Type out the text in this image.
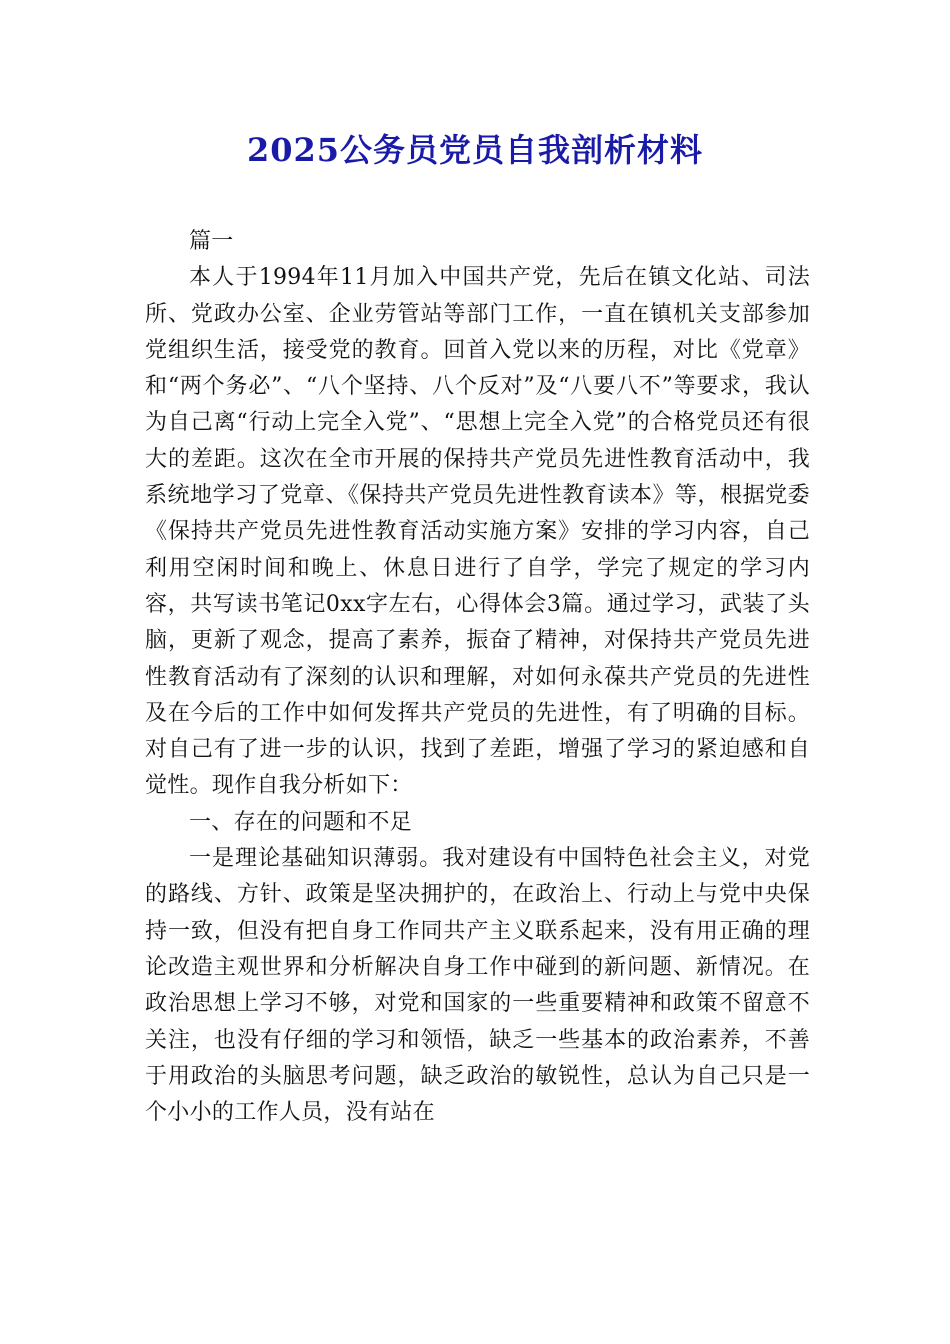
2025公务员党员自我剖析材料

篇一

本人于1994年11月加入中国共产党，先后在镇文化站、司法所、党政办公室、企业劳管站等部门工作，一直在镇机关支部参加党组织生活，接受党的教育。回首入党以来的历程，对比《党章》和“两个务必”、“八个坚持、八个反对”及“八要八不”等要求，我认为自己离“行动上完全入党”、“思想上完全入党”的合格党员还有很大的差距。这次在全市开展的保持共产党员先进性教育活动中，我系统地学习了党章、《保持共产党员先进性教育读本》等，根据党委《保持共产党员先进性教育活动实施方案》安排的学习内容，自己利用空闲时间和晚上、休息日进行了自学，学完了规定的学习内容，共写读书笔记0xx字左右，心得体会3篇。通过学习，武装了头脑，更新了观念，提高了素养，振奋了精神，对保持共产党员先进性教育活动有了深刻的认识和理解，对如何永葆共产党员的先进性及在今后的工作中如何发挥共产党员的先进性，有了明确的目标。对自己有了进一步的认识，找到了差距，增强了学习的紧迫感和自觉性。现作自我分析如下：

一、存在的问题和不足

一是理论基础知识薄弱。我对建设有中国特色社会主义，对党的路线、方针、政策是坚决拥护的，在政治上、行动上与党中央保持一致，但没有把自身工作同共产主义联系起来，没有用正确的理论改造主观世界和分析解决自身工作中碰到的新问题、新情况。在政治思想上学习不够，对党和国家的一些重要精神和政策不留意不关注，也没有仔细的学习和领悟，缺乏一些基本的政治素养，不善于用政治的头脑思考问题，缺乏政治的敏锐性，总认为自己只是一个小小的工作人员，没有站在
